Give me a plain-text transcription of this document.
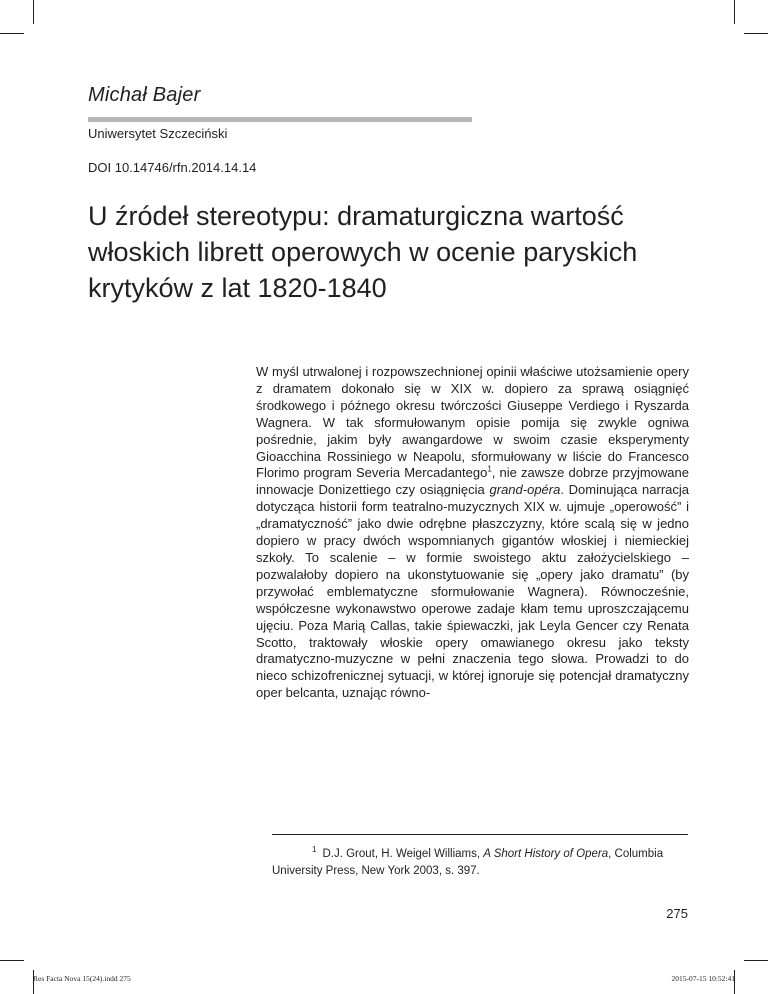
Michał Bajer
Uniwersytet Szczeciński
DOI 10.14746/rfn.2014.14.14
U źródeł stereotypu: dramaturgiczna wartość włoskich librett operowych w ocenie paryskich krytyków z lat 1820-1840

W myśl utrwalonej i rozpowszechnionej opinii właściwe utożsamienie opery z dramatem dokonało się w XIX w. dopiero za sprawą osiągnięć środkowego i późnego okresu twórczości Giuseppe Verdiego i Ryszarda Wagnera. W tak sformułowanym opisie pomija się zwykle ogniwa pośrednie, jakim były awangardowe w swoim czasie eksperymenty Gioacchina Rossiniego w Neapolu, sformułowany w liście do Francesco Florimo program Severia Mercadantego$^1$, nie zawsze dobrze przyjmowane innowacje Donizettiego czy osiągnięcia grand-opéra. Dominująca narracja dotycząca historii form teatralno-muzycznych XIX w. ujmuje „operowość” i „dramatyczność” jako dwie odrębne płaszczyzny, które scalą się w jedno dopiero w pracy dwóch wspomnianych gigantów włoskiej i niemieckiej szkoły. To scalenie – w formie swoistego aktu założycielskiego – pozwalałoby dopiero na ukonstytuowanie się „opery jako dramatu” (by przywołać emblematyczne sformułowanie Wagnera). Równocześnie, współczesne wykonawstwo operowe zadaje kłam temu uproszczającemu ujęciu. Poza Marią Callas, takie śpiewaczki, jak Leyla Gencer czy Renata Scotto, traktowały włoskie opery omawianego okresu jako teksty dramatyczno-muzyczne w pełni znaczenia tego słowa. Prowadzi to do nieco schizofrenicznej sytuacji, w której ignoruje się potencjał dramatyczny oper belcanta, uznając równo-

$^1$ D.J. Grout, H. Weigel Williams, A Short History of Opera, Columbia University Press, New York 2003, s. 397.

275
Res Facta Nova 15(24).indd 275	2015-07-15 10:52:41
